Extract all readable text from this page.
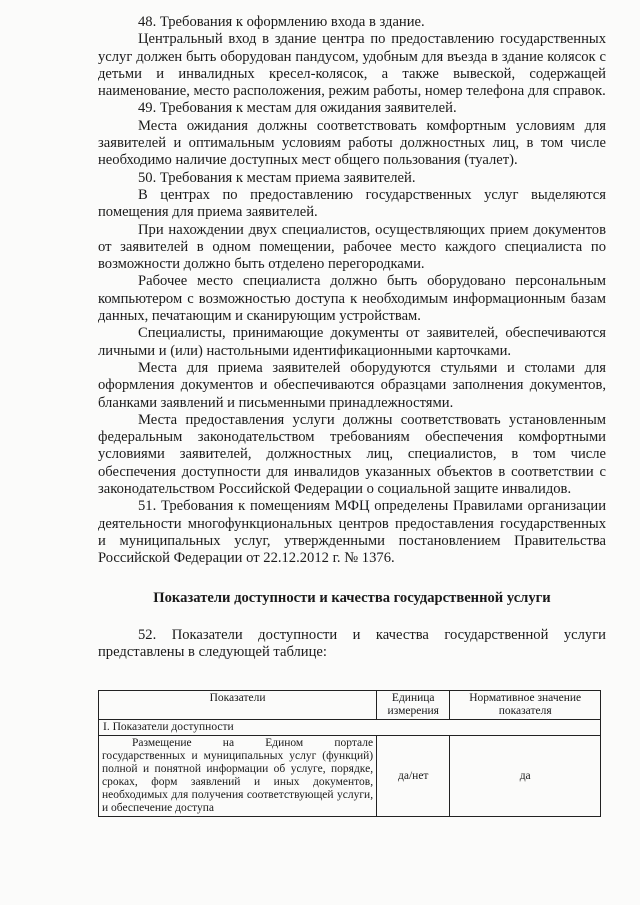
48. Требования к оформлению входа в здание.

Центральный вход в здание центра по предоставлению государственных услуг должен быть оборудован пандусом, удобным для въезда в здание колясок с детьми и инвалидных кресел-колясок, а также вывеской, содержащей наименование, место расположения, режим работы, номер телефона для справок.

49. Требования к местам для ожидания заявителей.

Места ожидания должны соответствовать комфортным условиям для заявителей и оптимальным условиям работы должностных лиц, в том числе необходимо наличие доступных мест общего пользования (туалет).

50. Требования к местам приема заявителей.

В центрах по предоставлению государственных услуг выделяются помещения для приема заявителей.

При нахождении двух специалистов, осуществляющих прием документов от заявителей в одном помещении, рабочее место каждого специалиста по возможности должно быть отделено перегородками.

Рабочее место специалиста должно быть оборудовано персональным компьютером с возможностью доступа к необходимым информационным базам данных, печатающим и сканирующим устройствам.

Специалисты, принимающие документы от заявителей, обеспечиваются личными и (или) настольными идентификационными карточками.

Места для приема заявителей оборудуются стульями и столами для оформления документов и обеспечиваются образцами заполнения документов, бланками заявлений и письменными принадлежностями.

Места предоставления услуги должны соответствовать установленным федеральным законодательством требованиям обеспечения комфортными условиями заявителей, должностных лиц, специалистов, в том числе обеспечения доступности для инвалидов указанных объектов в соответствии с законодательством Российской Федерации о социальной защите инвалидов.

51. Требования к помещениям МФЦ определены Правилами организации деятельности многофункциональных центров предоставления государственных и муниципальных услуг, утвержденными постановлением Правительства Российской Федерации от 22.12.2012 г. № 1376.

Показатели доступности и качества государственной услуги

52. Показатели доступности и качества государственной услуги представлены в следующей таблице:

Показатели	Единица измерения	Нормативное значение показателя
I. Показатели доступности		
Размещение на Едином портале государственных и муниципальных услуг (функций) полной и понятной информации об услуге, порядке, сроках, форм заявлений и иных документов, необходимых для получения соответствующей услуги, и обеспечение доступа	да/нет	да
